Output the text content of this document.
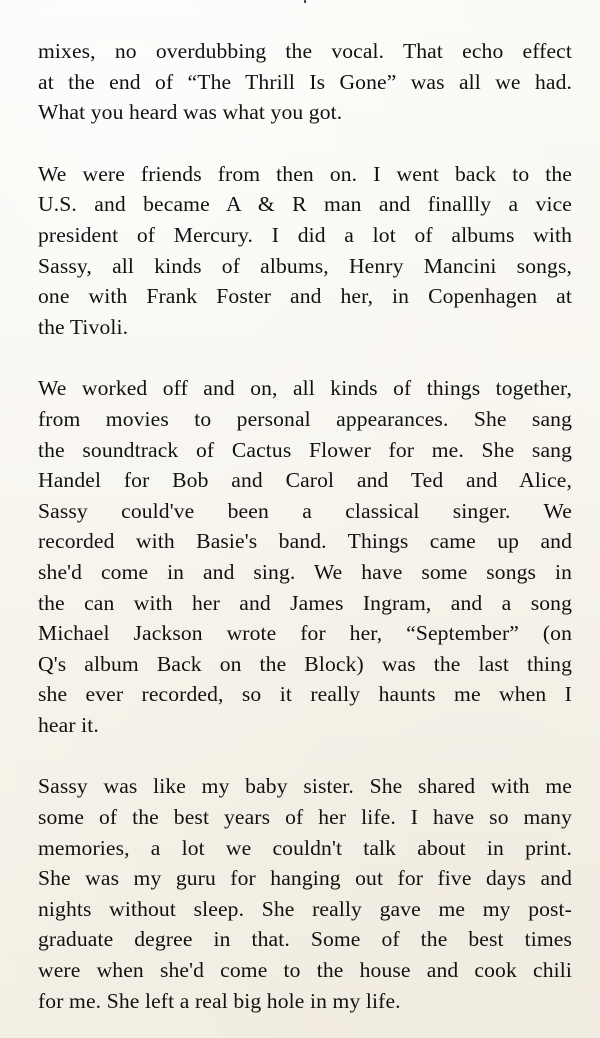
mixes, no overdubbing the vocal. That echo effect
at the end of “The Thrill Is Gone” was all we had.
What you heard was what you got.
We were friends from then on. I went back to the
U.S. and became A & R man and finallly a vice
president of Mercury. I did a lot of albums with
Sassy, all kinds of albums, Henry Mancini songs,
one with Frank Foster and her, in Copenhagen at
the Tivoli.
We worked off and on, all kinds of things together,
from movies to personal appearances. She sang
the soundtrack of Cactus Flower for me. She sang
Handel for Bob and Carol and Ted and Alice,
Sassy could've been a classical singer. We
recorded with Basie's band. Things came up and
she'd come in and sing. We have some songs in
the can with her and James Ingram, and a song
Michael Jackson wrote for her, “September” (on
Q's album Back on the Block) was the last thing
she ever recorded, so it really haunts me when I
hear it.
Sassy was like my baby sister. She shared with me
some of the best years of her life. I have so many
memories, a lot we couldn't talk about in print.
She was my guru for hanging out for five days and
nights without sleep. She really gave me my post-
graduate degree in that. Some of the best times
were when she'd come to the house and cook chili
for me. She left a real big hole in my life.
